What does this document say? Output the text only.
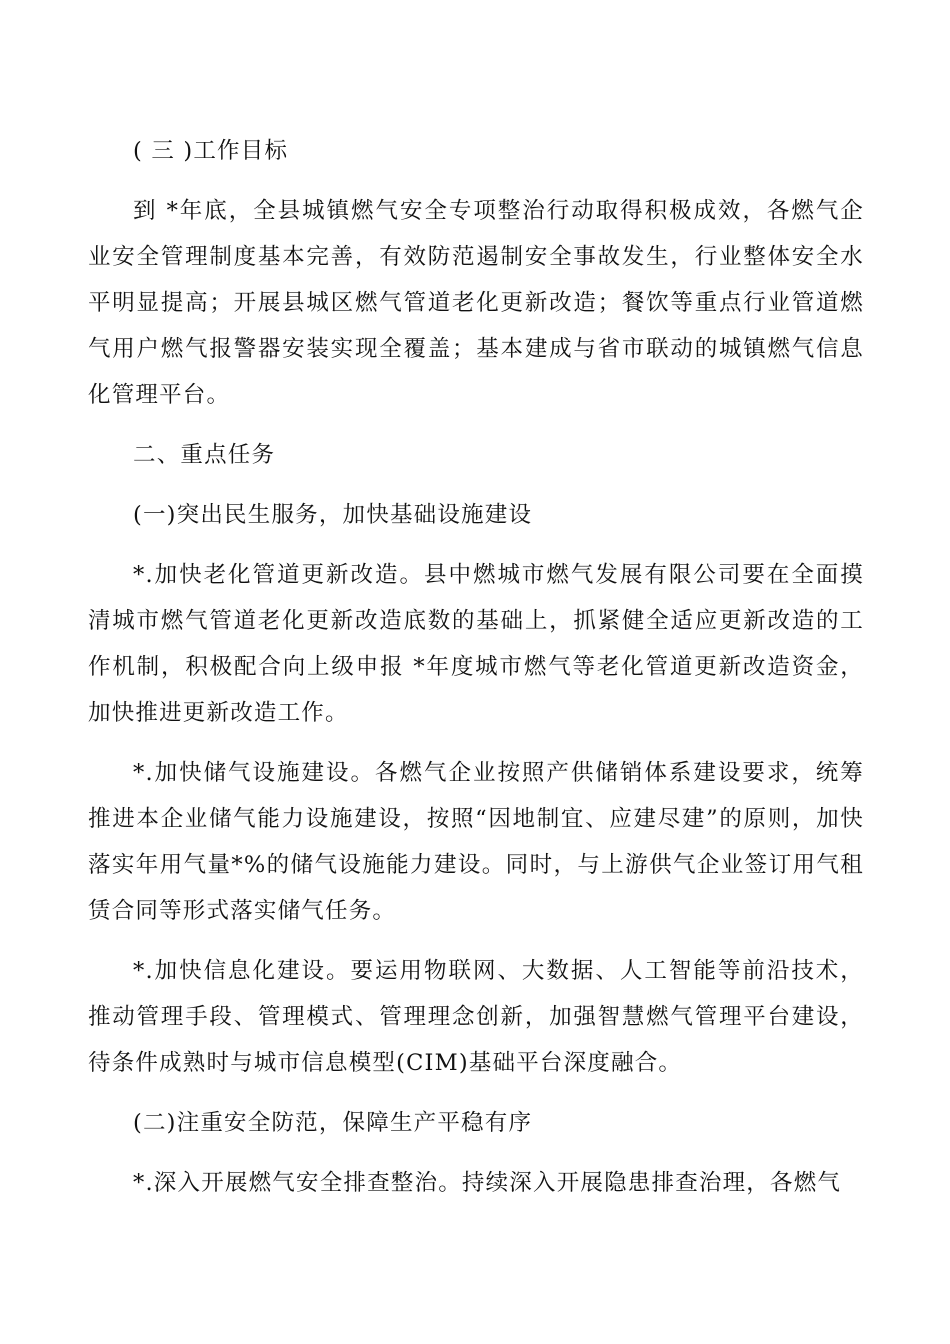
( 三 )工作目标

到 *年底，全县城镇燃气安全专项整治行动取得积极成效，各燃气企业安全管理制度基本完善，有效防范遏制安全事故发生，行业整体安全水平明显提高；开展县城区燃气管道老化更新改造；餐饮等重点行业管道燃气用户燃气报警器安装实现全覆盖；基本建成与省市联动的城镇燃气信息化管理平台。

二、重点任务

(一)突出民生服务，加快基础设施建设

*.加快老化管道更新改造。县中燃城市燃气发展有限公司要在全面摸清城市燃气管道老化更新改造底数的基础上，抓紧健全适应更新改造的工作机制，积极配合向上级申报 *年度城市燃气等老化管道更新改造资金，加快推进更新改造工作。

*.加快储气设施建设。各燃气企业按照产供储销体系建设要求，统筹推进本企业储气能力设施建设，按照“因地制宜、应建尽建”的原则，加快落实年用气量*%的储气设施能力建设。同时，与上游供气企业签订用气租赁合同等形式落实储气任务。

*.加快信息化建设。要运用物联网、大数据、人工智能等前沿技术，推动管理手段、管理模式、管理理念创新，加强智慧燃气管理平台建设，待条件成熟时与城市信息模型(CIM)基础平台深度融合。

(二)注重安全防范，保障生产平稳有序

*.深入开展燃气安全排查整治。持续深入开展隐患排查治理，各燃气
